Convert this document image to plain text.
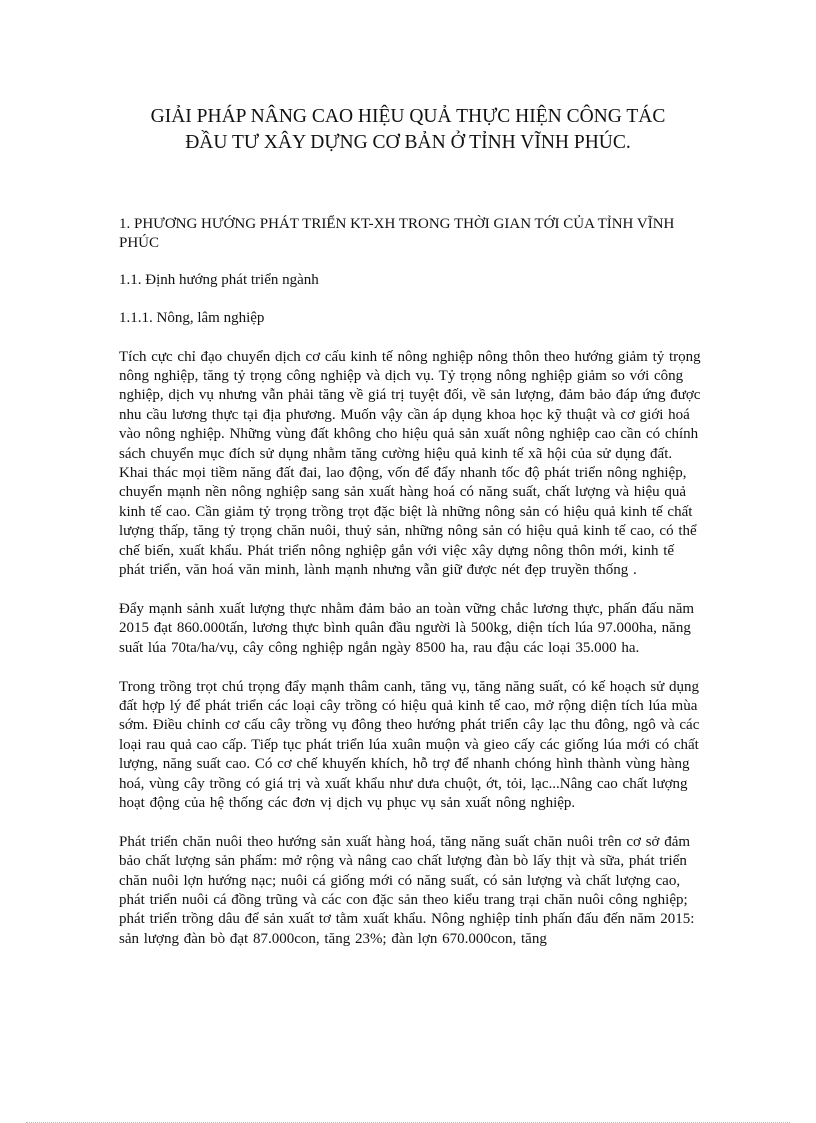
GIẢI PHÁP NÂNG CAO HIỆU QUẢ THỰC HIỆN CÔNG TÁC
ĐẦU TƯ XÂY DỰNG CƠ BẢN Ở TỈNH VĨNH PHÚC.
1. PHƯƠNG HƯỚNG PHÁT TRIỂN KT-XH TRONG THỜI GIAN TỚI CỦA TỈNH VĨNH PHÚC
1.1. Định hướng phát triển ngành
1.1.1. Nông, lâm nghiệp

Tích cực chỉ đạo chuyển dịch cơ cấu kinh tế nông nghiệp nông thôn theo hướng giảm tỷ trọng nông nghiệp, tăng tỷ trọng công nghiệp và dịch vụ. Tỷ trọng nông nghiệp giảm so với công nghiệp, dịch vụ nhưng vẫn phải tăng về giá trị tuyệt đối, về sản lượng, đảm bảo đáp ứng được nhu cầu lương thực tại địa phương. Muốn vậy cần áp dụng khoa học kỹ thuật và cơ giới hoá vào nông nghiệp. Những vùng đất không cho hiệu quả sản xuất nông nghiệp cao cần có chính sách chuyển mục đích sử dụng nhằm tăng cường hiệu quả kinh tế xã hội của sử dụng đất. Khai thác mọi tiềm năng đất đai, lao động, vốn để đẩy nhanh tốc độ phát triển nông nghiệp, chuyển mạnh nền nông nghiệp sang sản xuất hàng hoá có năng suất, chất lượng và hiệu quả kinh tế cao. Cần giảm tỷ trọng trồng trọt đặc biệt là những nông sản có hiệu quả kinh tế chất lượng thấp, tăng tỷ trọng chăn nuôi, thuỷ sản, những nông sản có hiệu quả kinh tế cao, có thể chế biến, xuất khẩu. Phát triển nông nghiệp gắn với việc xây dựng nông thôn mới, kinh tế phát triển, văn hoá văn minh, lành mạnh nhưng vẫn giữ được nét đẹp truyền thống .

Đẩy mạnh sảnh xuất lượng thực nhằm đảm bảo an toàn vững chắc lương thực, phấn đấu năm 2015 đạt 860.000tấn, lương thực bình quân đầu người là 500kg, diện tích lúa 97.000ha, năng suất lúa 70ta/ha/vụ, cây công nghiệp ngắn ngày 8500 ha, rau đậu các loại 35.000 ha.

Trong trồng trọt chú trọng đẩy mạnh thâm canh, tăng vụ, tăng năng suất, có kế hoạch sử dụng đất hợp lý để phát triển các loại cây trồng có hiệu quả kinh tế cao, mở rộng diện tích lúa mùa sớm. Điều chỉnh cơ cấu cây trồng vụ đông theo hướng phát triển cây lạc thu đông, ngô và các loại rau quả cao cấp. Tiếp tục phát triển lúa xuân muộn và gieo cấy các giống lúa mới có chất lượng, năng suất cao. Có cơ chế khuyến khích, hỗ trợ để nhanh chóng hình thành vùng hàng hoá, vùng cây trồng có giá trị và xuất khẩu như dưa chuột, ớt, tỏi, lạc...Nâng cao chất lượng hoạt động của hệ thống các đơn vị dịch vụ phục vụ sản xuất nông nghiệp.

Phát triển chăn nuôi theo hướng sản xuất hàng hoá, tăng năng suất chăn nuôi trên cơ sở đảm bảo chất lượng sản phẩm: mở rộng và nâng cao chất lượng đàn bò lấy thịt và sữa, phát triển chăn nuôi lợn hướng nạc; nuôi cá giống mới có năng suất, có sản lượng và chất lượng cao, phát triển nuôi cá đồng trũng và các con đặc sản theo kiểu trang trại chăn nuôi công nghiệp; phát triển trồng dâu để sản xuất tơ tằm xuất khẩu. Nông nghiệp tỉnh phấn đấu đến năm 2015: sản lượng đàn bò đạt 87.000con, tăng 23%; đàn lợn 670.000con, tăng
